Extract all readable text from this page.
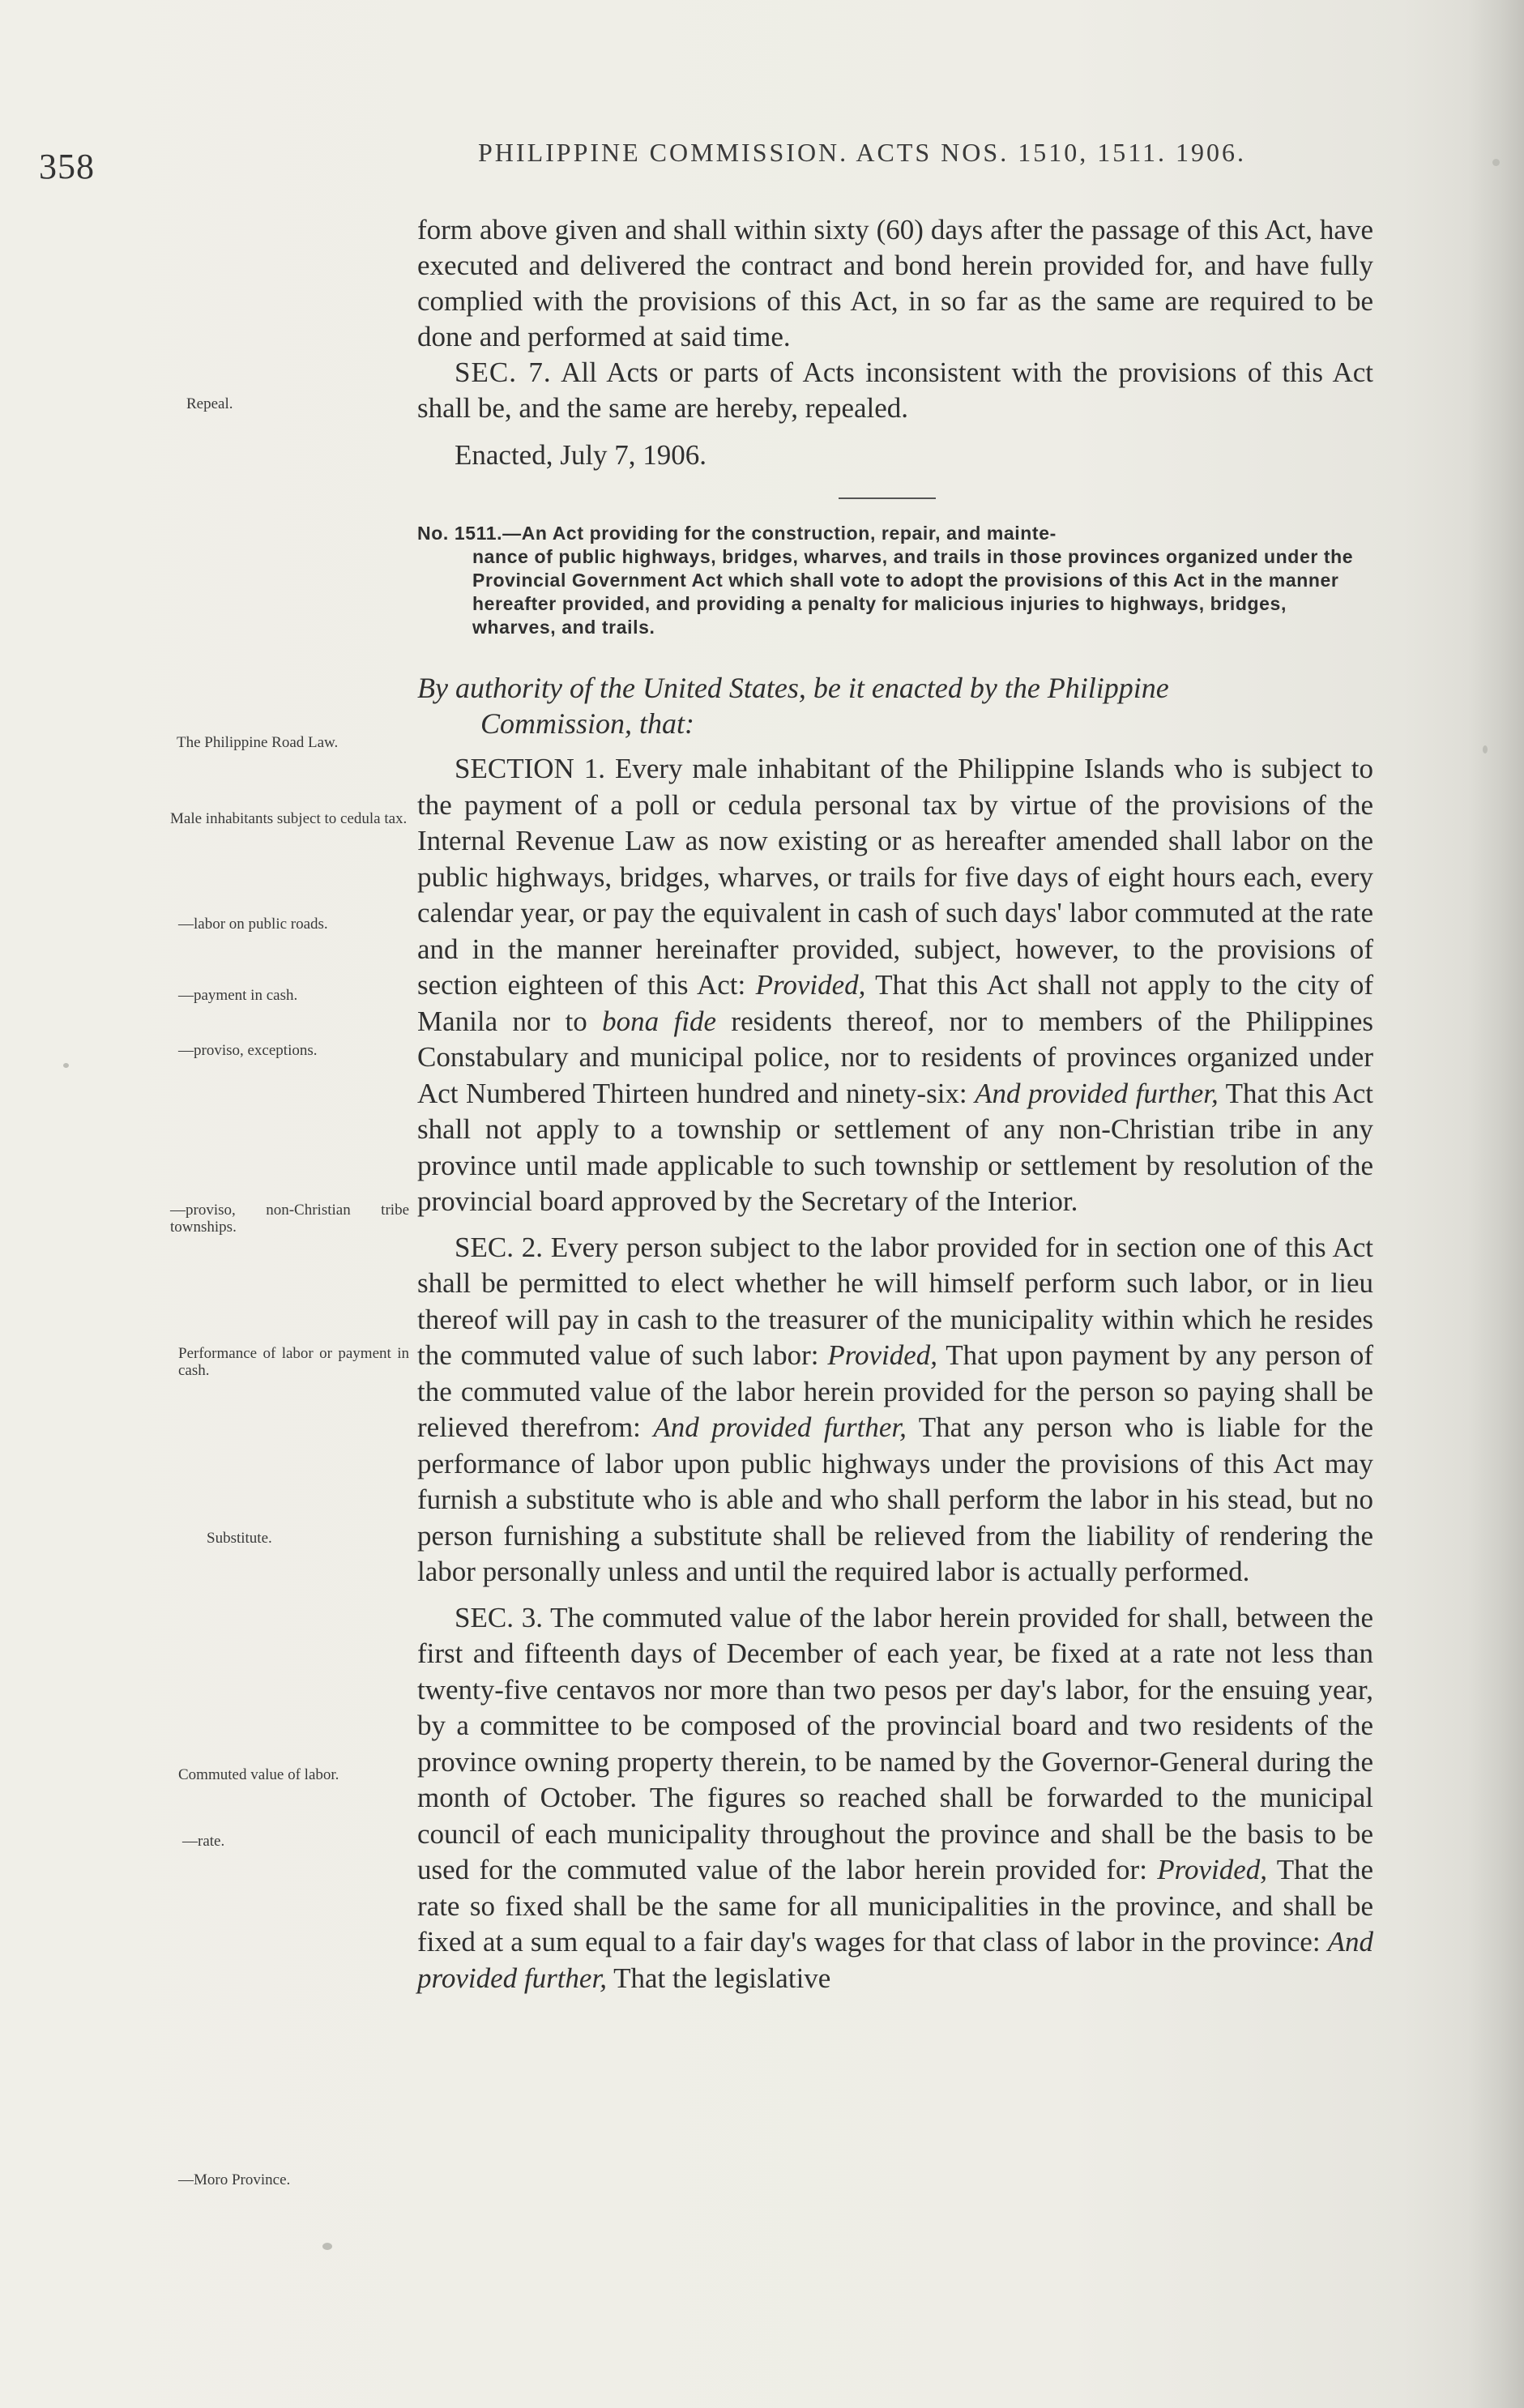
358	PHILIPPINE COMMISSION. ACTS NOS. 1510, 1511. 1906.
Repeal.
The Philippine Road Law.
Male inhabitants subject to cedula tax.
—labor on public roads.
—payment in cash.
—proviso, exceptions.
—proviso, non-Christian tribe townships.
Performance of labor or payment in cash.
Substitute.
Commuted value of labor.
—rate.
—Moro Province.

form above given and shall within sixty (60) days after the passage of this Act, have executed and delivered the contract and bond herein provided for, and have fully complied with the provisions of this Act, in so far as the same are required to be done and performed at said time.

SEC. 7. All Acts or parts of Acts inconsistent with the provisions of this Act shall be, and the same are hereby, repealed.

Enacted, July 7, 1906.

No. 1511.—An Act providing for the construction, repair, and mainte-
nance of public highways, bridges, wharves, and trails in those provinces organized under the Provincial Government Act which shall vote to adopt the provisions of this Act in the manner hereafter provided, and providing a penalty for malicious injuries to highways, bridges, wharves, and trails.

By authority of the United States, be it enacted by the Philippine
Commission, that:

SECTION 1. Every male inhabitant of the Philippine Islands who is subject to the payment of a poll or cedula personal tax by virtue of the provisions of the Internal Revenue Law as now existing or as hereafter amended shall labor on the public highways, bridges, wharves, or trails for five days of eight hours each, every calendar year, or pay the equivalent in cash of such days' labor commuted at the rate and in the manner hereinafter provided, subject, however, to the provisions of section eighteen of this Act: Provided, That this Act shall not apply to the city of Manila nor to bona fide residents thereof, nor to members of the Philippines Constabulary and municipal police, nor to residents of provinces organized under Act Numbered Thirteen hundred and ninety-six: And provided further, That this Act shall not apply to a township or settlement of any non-Christian tribe in any province until made applicable to such township or settlement by resolution of the provincial board approved by the Secretary of the Interior.

SEC. 2. Every person subject to the labor provided for in section one of this Act shall be permitted to elect whether he will himself perform such labor, or in lieu thereof will pay in cash to the treasurer of the municipality within which he resides the commuted value of such labor: Provided, That upon payment by any person of the commuted value of the labor herein provided for the person so paying shall be relieved therefrom: And provided further, That any person who is liable for the performance of labor upon public highways under the provisions of this Act may furnish a substitute who is able and who shall perform the labor in his stead, but no person furnishing a substitute shall be relieved from the liability of rendering the labor personally unless and until the required labor is actually performed.

SEC. 3. The commuted value of the labor herein provided for shall, between the first and fifteenth days of December of each year, be fixed at a rate not less than twenty-five centavos nor more than two pesos per day's labor, for the ensuing year, by a committee to be composed of the provincial board and two residents of the province owning property therein, to be named by the Governor-General during the month of October. The figures so reached shall be forwarded to the municipal council of each municipality throughout the province and shall be the basis to be used for the commuted value of the labor herein provided for: Provided, That the rate so fixed shall be the same for all municipalities in the province, and shall be fixed at a sum equal to a fair day's wages for that class of labor in the province: And provided further, That the legislative
